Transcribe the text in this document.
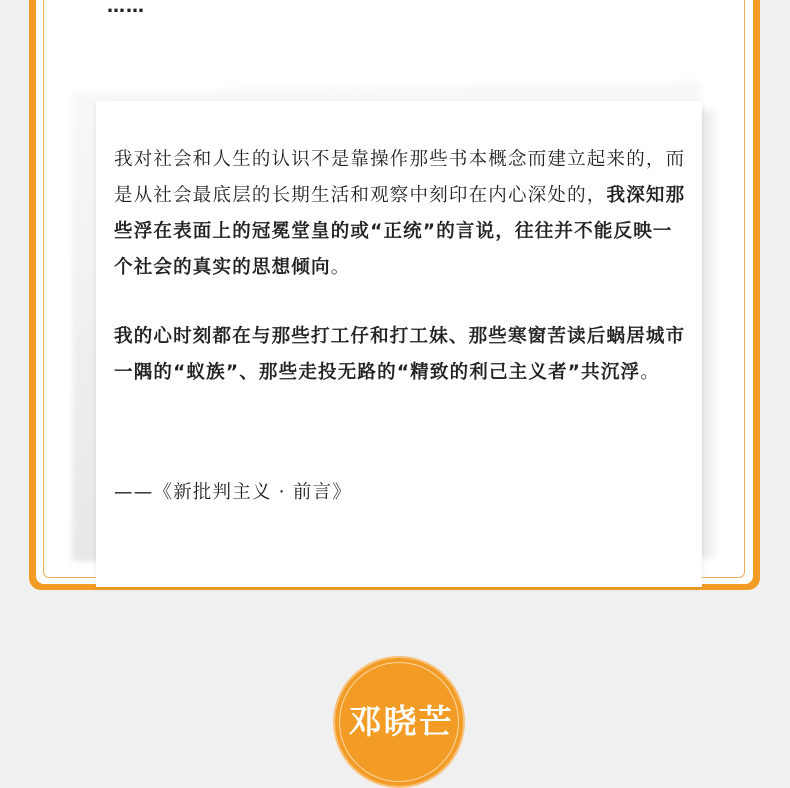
……

我对社会和人生的认识不是靠操作那些书本概念而建立起来的，而是从社会最底层的长期生活和观察中刻印在内心深处的，我深知那些浮在表面上的冠冕堂皇的或“正统”的言说，往往并不能反映一个社会的真实的思想倾向。

我的心时刻都在与那些打工仔和打工妹、那些寒窗苦读后蜗居城市一隅的“蚁族”、那些走投无路的“精致的利己主义者”共沉浮。

——《新批判主义 · 前言》

邓晓芒
